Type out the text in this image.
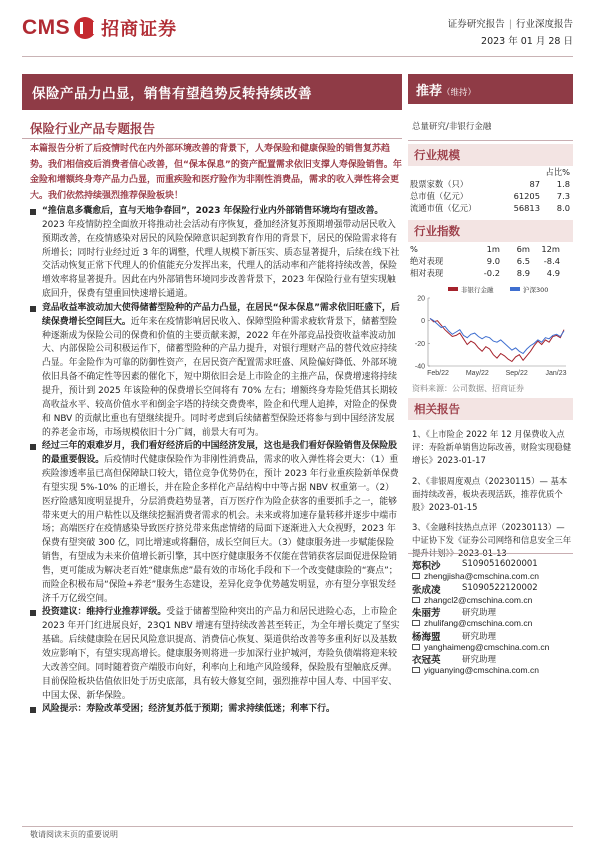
CMS 招商证券	证券研究报告 | 行业深度报告
2023 年 01 月 28 日
保险产品力凸显，销售有望趋势反转持续改善
保险行业产品专题报告
本篇报告分析了后疫情时代在内外部环境改善的背景下，人寿保险和健康保险的销售复苏趋势。我们相信疫后消费者信心改善，但“保本保息”的资产配置需求依旧支撑人寿保险销售。年金险和增额终身寿产品力凸显，而重疾险和医疗险作为非刚性消费品，需求的收入弹性将会更大。我们依然持续强烈推荐保险板块！
“推信息多囊愈后，直与天地争春回”，2023 年保险行业内外部销售环境均有望改善。2023 年疫情防控全面放开将推动社会活动有序恢复，叠加经济复苏预期增强带动居民收入预期改善，在疫情感染对居民的风险保障意识起到教育作用的背景下，居民的保险需求将有所增长；同时行业经过近 3 年的调整，代理人规模下新压实、质态显著提升，后续在线下社交活动恢复正常下代理人的价值能充分发挥出来，代理人的活动率和产能将持续改善，保险增效率将显著提升。因此在内外部销售环境同步改善背景下，2023 年保险行业有望实现触底回升，保费有望重回快速增长通道。
竞品收益率波动加大使得储蓄型险种的产品力凸显，在居民“保本保息”需求依旧旺盛下，后续保费增长空间巨大。近年来在疫情影响居民收入、保障型险种需求疲软背景下，储蓄型险种逐渐成为保险公司的保费和价值的主要贡献来源，2022 年在外部竞品投资收益率波动加大、内部保险公司积极运作下，储蓄型险种的产品力提升，对银行理财产品的替代效应持续凸显。年金险作为可靠的防御性资产，在居民资产配置需求旺盛、风险偏好降低、外部环境依旧具备不确定性等因素的催化下，短中期依旧会是上市险企的主推产品，保费增速将持续提升，预计到 2025 年该险种的保费增长空间将有 70% 左右；增额终身寿险凭借其长期较高收益水平、较高价值水平和倒金字塔的持续交费费率，险企和代理人追捧，对险企的保费和 NBV 的贡献比重也有望继续提升。同时考虑到后续储蓄型保险还将参与到中国经济发展的养老金市场，市场规模依旧十分广阔，前景大有可为。
经过三年的艰难岁月，我们看好经济后的中国经济发展，这也是我们看好保险销售及保险股的最重要假设。后疫情时代健康保险作为非刚性消费品，需求的收入弹性将会更大：（1）重疾险渗透率虽已高但保障缺口较大，错位竞争优势仍在，预计 2023 年行业重疾险新单保费有望实现 5%-10% 的正增长，并在险企多样化产品结构中中等占据 NBV 权重第一。（2）医疗险感知度明显提升，分层消费趋势显著，百万医疗作为险企获客的重要抓手之一，能够带来更大的用户粘性以及继续挖掘消费者需求的机会。未来或将加速存量转移并逐步中端市场；高端医疗在疫情感染导致医疗挤兑带来焦虑情绪的局面下逐渐进入大众视野，2023 年保费有望突破 300 亿，同比增速或将翻倍，成长空间巨大。（3）健康服务进一步赋能保险销售，有望成为未来价值增长新引擎，其中医疗健康服务不仅能在营销获客层面促进保险销售，更可能成为解决老百姓“健康焦虑”最有效的市场化手段和下一个改变健康险的“赛点”；而险企积极布局“保险+养老”服务生态建设，差异化竞争优势越发明显，亦有望分享银发经济千万亿级空间。
投资建议：维持行业推荐评级。受益于储蓄型险种突出的产品力和居民进险心态，上市险企 2023 年开门红进展良好，23Q1 NBV 增速有望持续改善甚至转正，为全年增长奠定了坚实基础。后续健康险在居民风险意识提高、消费信心恢复、渠道供给改善等多重利好以及基数效应影响下，有望实现高增长。健康服务则将进一步加深行业护城河，寿险负债端将迎来较大改善空间。同时随着资产端股市向好，利率向上和地产风险缓释，保险股有望触底反弹。目前保险板块估值依旧处于历史底部，具有较大修复空间，强烈推荐中国人寿、中国平安、中国太保、新华保险。
风险提示：寿险改革受困；经济复苏低于预期；需求持续低迷；利率下行。
敬请阅读末页的重要说明
推荐（维持）
总量研究/非银行金融
行业规模
		占比%
股票家数（只）	87	1.8
总市值（亿元）	61205	7.3
流通市值（亿元）	56813	8.0
行业指数
%	1m	6m	12m
绝对表现	9.0	6.5	-8.4
相对表现	-0.2	8.9	4.9
-40
-20
0
20
Feb/22 May/22 Sep/22	Jan/23
非银行金融	沪深300
资料来源：公司数据、招商证券
相关报告
1、《上市险企 2022 年 12 月保费收入点评：寿险新单销售边际改善，财险实现稳健增长》2023-01-17
2、《非银周度观点（20230115）— 基本面持续改善，板块表现活跃，推荐优质个股》2023-01-15
3、《金融科技热点点评（20230113）— 中证协下发《证券公司网络和信息安全三年提升计划》》2023-01-13
郑积沙	S1090516020001
zhengjisha@cmschina.com.cn
张成凌	S1090522120002
zhangcl2@cmschina.com.cn
朱丽芳	研究助理
zhulifang@cmschina.com.cn
杨海盟	研究助理
yanghaimeng@cmschina.com.cn
衣冠英	研究助理
yiguanying@cmschina.com.cn
